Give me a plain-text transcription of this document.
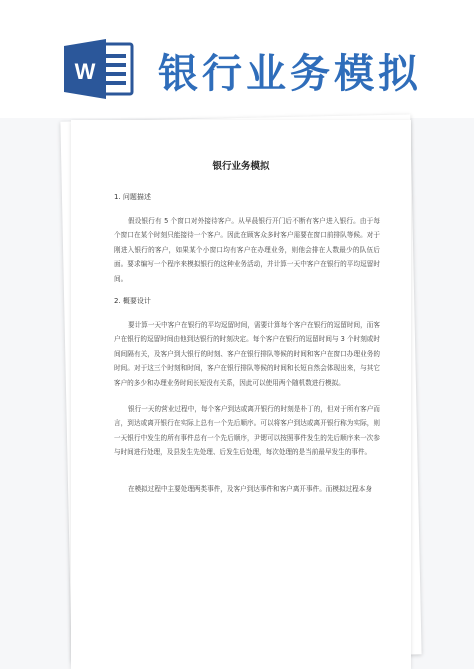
W 银行业务模拟
银行业务模拟
1. 问题描述

假设银行有 5 个窗口对外接待客户。从早晨银行开门后不断有客户进入银行。由于每个窗口在某个时刻只能接待一个客户。因此在顾客众多时客户需要在窗口前排队等候。对于刚进入银行的客户，如果某个小窗口均有客户在办理业务，则他会排在人数最少的队伍后面。要求编写一个程序来模拟银行的这种业务活动，并计算一天中客户在银行的平均逗留时间。

2. 概要设计

要计算一天中客户在银行的平均逗留时间，需要计算每个客户在银行的逗留时间，而客户在银行的逗留时间由他到达银行的时刻决定。每个客户在银行的逗留时间与 3 个时刻或时间间隔有关，及客户到大银行的时刻、客户在银行排队等候的时间和客户在窗口办理业务的时间。对于这三个时刻和时间，客户在银行排队等候的时间和长短自然会体现出来，与其它客户的多少和办理业务时间长短没有关系，因此可以使用两个随机数进行模拟。

银行一天的营业过程中，每个客户到达或离开银行的时刻是朴丁的，但对于所有客户而言，到达或离开银行在实际上总有一个先后顺序。可以将客户到达或离开银行称为实际，则一天银行中发生的所有事件总有一个先后顺序，尹锶可以按照事件发生的先后顺序来一次参与时间进行处理，及县发生先处理、后发生后处理，每次处理的是当前最早发生的事件。

在模拟过程中主要处理两类事件，及客户到达事件和客户离开事件。而模拟过程本身
